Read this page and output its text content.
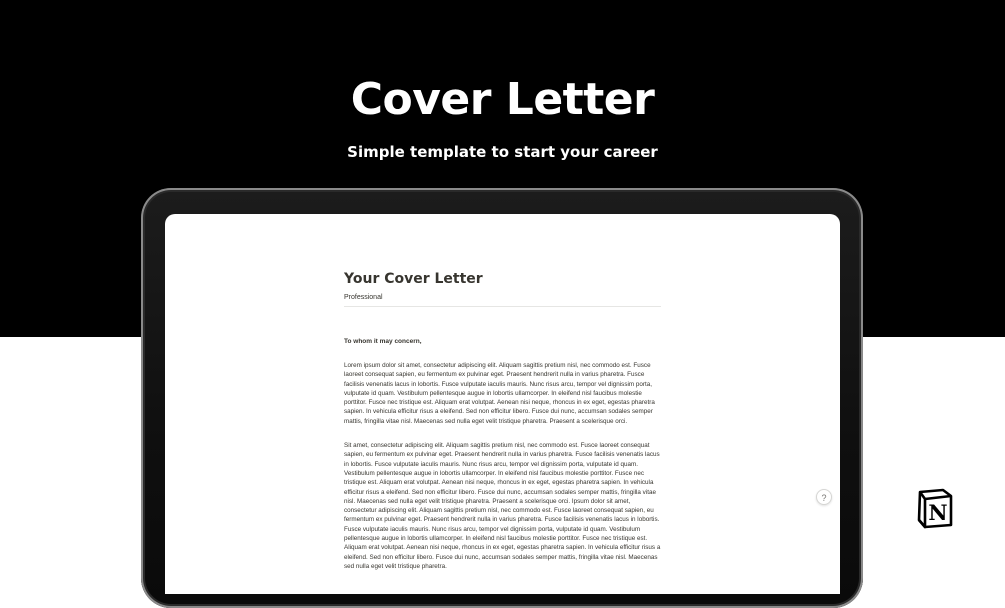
Cover Letter
Simple template to start your career
Your Cover Letter
Professional
To whom it may concern,
Lorem ipsum dolor sit amet, consectetur adipiscing elit. Aliquam sagittis pretium nisl, nec commodo est. Fusce laoreet consequat sapien, eu fermentum ex pulvinar eget. Praesent hendrerit nulla in varius pharetra. Fusce facilisis venenatis lacus in lobortis. Fusce vulputate iaculis mauris. Nunc risus arcu, tempor vel dignissim porta, vulputate id quam. Vestibulum pellentesque augue in lobortis ullamcorper. In eleifend nisl faucibus molestie porttitor. Fusce nec tristique est. Aliquam erat volutpat. Aenean nisi neque, rhoncus in ex eget, egestas pharetra sapien. In vehicula efficitur risus a eleifend. Sed non efficitur libero. Fusce dui nunc, accumsan sodales semper mattis, fringilla vitae nisl. Maecenas sed nulla eget velit tristique pharetra. Praesent a scelerisque orci.
Sit amet, consectetur adipiscing elit. Aliquam sagittis pretium nisl, nec commodo est. Fusce laoreet consequat sapien, eu fermentum ex pulvinar eget. Praesent hendrerit nulla in varius pharetra. Fusce facilisis venenatis lacus in lobortis. Fusce vulputate iaculis mauris. Nunc risus arcu, tempor vel dignissim porta, vulputate id quam. Vestibulum pellentesque augue in lobortis ullamcorper. In eleifend nisl faucibus molestie porttitor. Fusce nec tristique est. Aliquam erat volutpat. Aenean nisi neque, rhoncus in ex eget, egestas pharetra sapien. In vehicula efficitur risus a eleifend. Sed non efficitur libero. Fusce dui nunc, accumsan sodales semper mattis, fringilla vitae nisl. Maecenas sed nulla eget velit tristique pharetra. Praesent a scelerisque orci. Ipsum dolor sit amet, consectetur adipiscing elit. Aliquam sagittis pretium nisl, nec commodo est. Fusce laoreet consequat sapien, eu fermentum ex pulvinar eget. Praesent hendrerit nulla in varius pharetra. Fusce facilisis venenatis lacus in lobortis. Fusce vulputate iaculis mauris. Nunc risus arcu, tempor vel dignissim porta, vulputate id quam. Vestibulum pellentesque augue in lobortis ullamcorper. In eleifend nisl faucibus molestie porttitor. Fusce nec tristique est. Aliquam erat volutpat. Aenean nisi neque, rhoncus in ex eget, egestas pharetra sapien. In vehicula efficitur risus a eleifend. Sed non efficitur libero. Fusce dui nunc, accumsan sodales semper mattis, fringilla vitae nisl. Maecenas sed nulla eget velit tristique pharetra.
?
N
